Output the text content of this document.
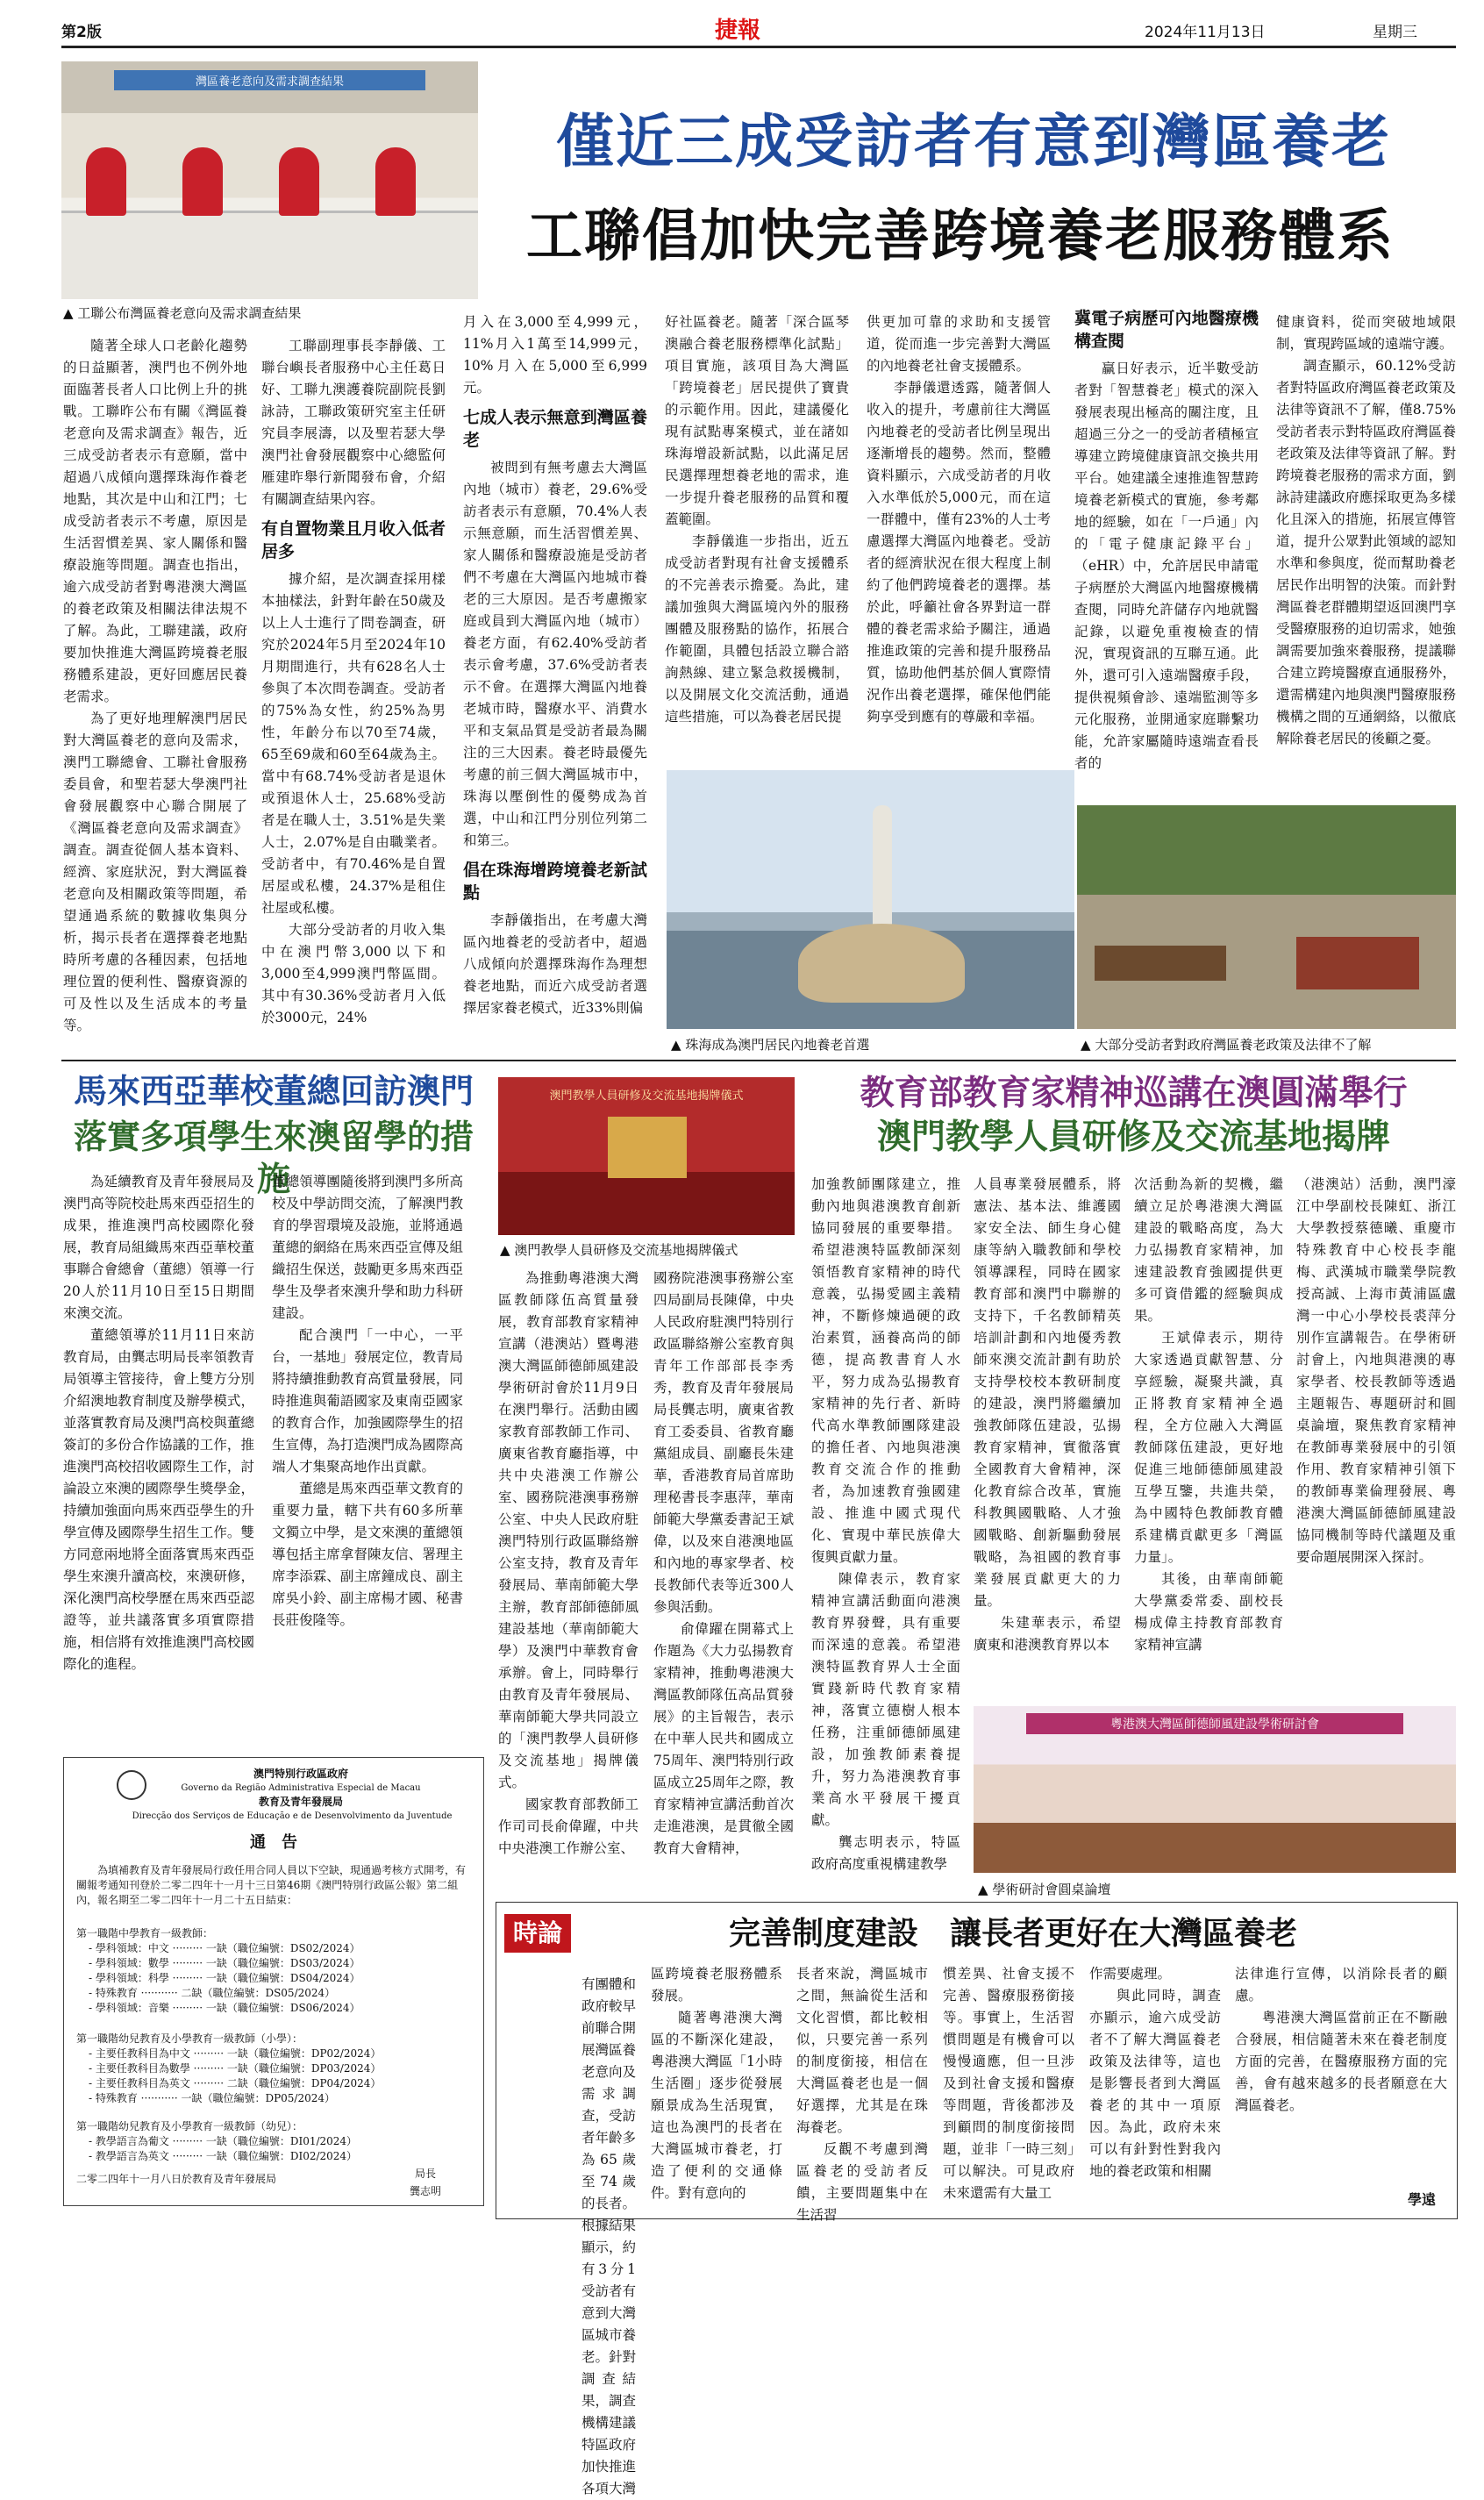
第2版	捷報	2024年11月13日	星期三
灣區養老意向及需求調查結果
▲ 工聯公布灣區養老意向及需求調查結果
僅近三成受訪者有意到灣區養老
工聯倡加快完善跨境養老服務體系

隨著全球人口老齡化趨勢的日益顯著，澳門也不例外地面臨著長者人口比例上升的挑戰。工聯昨公布有關《灣區養老意向及需求調查》報告，近三成受訪者表示有意願，當中超過八成傾向選擇珠海作養老地點，其次是中山和江門；七成受訪者表示不考慮，原因是生活習慣差異、家人關係和醫療設施等問題。調查也指出，逾六成受訪者對粵港澳大灣區的養老政策及相關法律法規不了解。為此，工聯建議，政府要加快推進大灣區跨境養老服務體系建設，更好回應居民養老需求。

為了更好地理解澳門居民對大灣區養老的意向及需求，澳門工聯總會、工聯社會服務委員會，和聖若瑟大學澳門社會發展觀察中心聯合開展了《灣區養老意向及需求調查》調查。調查從個人基本資料、經濟、家庭狀況，對大灣區養老意向及相關政策等問題，希望通過系統的數據收集與分析，揭示長者在選擇養老地點時所考慮的各種因素，包括地理位置的便利性、醫療資源的可及性以及生活成本的考量等。

工聯副理事長李靜儀、工聯台嶼長者服務中心主任葛日好、工聯九澳護養院副院長劉詠詩，工聯政策研究室主任研究員李展濤，以及聖若瑟大學澳門社會發展觀察中心總監何雁建昨舉行新聞發布會，介紹有關調查結果內容。

有自置物業且月收入低者居多

據介紹，是次調查採用樣本抽樣法，針對年齡在50歲及以上人士進行了問卷調查，研究於2024年5月至2024年10月期間進行，共有628名人士參與了本次問卷調查。受訪者的75%為女性，約25%為男性，年齡分布以70至74歲，65至69歲和60至64歲為主。當中有68.74%受訪者是退休或預退休人士，25.68%受訪者是在職人士，3.51%是失業人士，2.07%是自由職業者。受訪者中，有70.46%是自置居屋或私樓，24.37%是租住社屋或私樓。

大部分受訪者的月收入集中在澳門幣3,000以下和3,000至4,999澳門幣區間。其中有30.36%受訪者月入低於3000元，24%

月入在3,000至4,999元，11%月入1萬至14,999元，10%月入在5,000至6,999元。

七成人表示無意到灣區養老

被問到有無考慮去大灣區內地（城市）養老，29.6%受訪者表示有意願，70.4%人表示無意願，而生活習慣差異、家人關係和醫療設施是受訪者們不考慮在大灣區內地城市養老的三大原因。是否考慮搬家庭或員到大灣區內地（城市）養老方面，有62.40%受訪者表示會考慮，37.6%受訪者表示不會。在選擇大灣區內地養老城市時，醫療水平、消費水平和支氣品質是受訪者最為關注的三大因素。養老時最優先考慮的前三個大灣區城市中，珠海以壓倒性的優勢成為首選，中山和江門分別位列第二和第三。

倡在珠海增跨境養老新試點

李靜儀指出，在考慮大灣區內地養老的受訪者中，超過八成傾向於選擇珠海作為理想養老地點，而近六成受訪者選擇居家養老模式，近33%則偏

好社區養老。隨著「深合區琴澳融合養老服務標準化試點」項目實施，該項目為大灣區「跨境養老」居民提供了寶貴的示範作用。因此，建議優化現有試點專案模式，並在諸如珠海增設新試點，以此滿足居民選擇理想養老地的需求，進一步提升養老服務的品質和覆蓋範圍。

李靜儀進一步指出，近五成受訪者對現有社會支援體系的不完善表示擔憂。為此，建議加強與大灣區境內外的服務團體及服務點的協作，拓展合作範圍，具體包括設立聯合諮詢熱線、建立緊急救援機制，以及開展文化交流活動，通過這些措施，可以為養老居民提

供更加可靠的求助和支援管道，從而進一步完善對大灣區的內地養老社會支援體系。

李靜儀還透露，隨著個人收入的提升，考慮前往大灣區內地養老的受訪者比例呈現出逐漸增長的趨勢。然而，整體資料顯示，六成受訪者的月收入水準低於5,000元，而在這一群體中，僅有23%的人士考慮選擇大灣區內地養老。受訪者的經濟狀況在很大程度上制約了他們跨境養老的選擇。基於此，呼籲社會各界對這一群體的養老需求給予關注，通過推進政策的完善和提升服務品質，協助他們基於個人實際情況作出養老選擇，確保他們能夠享受到應有的尊嚴和幸福。

冀電子病歷可內地醫療機構查閱

贏日好表示，近半數受訪者對「智慧養老」模式的深入發展表現出極高的關注度，且超過三分之一的受訪者積極宣導建立跨境健康資訊交換共用平台。她建議全速推進智慧跨境養老新模式的實施，參考鄰地的經驗，如在「一戶通」內的「電子健康記錄平台」（eHR）中，允許居民申請電子病歷於大灣區內地醫療機構查閱，同時允許儲存內地就醫記錄，以避免重複檢查的情況，實現資訊的互聯互通。此外，還可引入遠端醫療手段，提供視頻會診、遠端監測等多元化服務，並開通家庭聯繫功能，允許家屬隨時遠端查看長者的

健康資料，從而突破地域限制，實現跨區域的遠端守護。

調查顯示，60.12%受訪者對特區政府灣區養老政策及法律等資訊不了解，僅8.75%受訪者表示對特區政府灣區養老政策及法律等資訊了解。對跨境養老服務的需求方面，劉詠詩建議政府應採取更為多樣化且深入的措施，拓展宣傳管道，提升公眾對此領域的認知水準和參與度，從而幫助養老居民作出明智的決策。而針對灣區養老群體期望返回澳門享受醫療服務的迫切需求，她強調需要加強來養服務，提議聯合建立跨境醫療直通服務外，還需構建內地與澳門醫療服務機構之間的互通網絡，以徹底解除養老居民的後顧之憂。

▲ 珠海成為澳門居民內地養老首選
▲	大部分受訪者對政府灣區養老政策及法律不了解
馬來西亞華校董總回訪澳門
落實多項學生來澳留學的措施

為延續教育及青年發展局及澳門高等院校赴馬來西亞招生的成果，推進澳門高校國際化發展，教育局組織馬來西亞華校董事聯合會總會（董總）領導一行20人於11月10日至15日期間來澳交流。

董總領導於11月11日來訪教育局，由龔志明局長率領教青局領導主管接待，會上雙方分別介紹澳地教育制度及辦學模式，並落實教育局及澳門高校與董總簽訂的多份合作協議的工作，推進澳門高校招收國際生工作，討論設立來澳的國際學生獎學金，持續加強面向馬來西亞學生的升學宣傳及國際學生招生工作。雙方同意兩地將全面落實馬來西亞學生來澳升讀高校，來澳研修，深化澳門高校學歷在馬來西亞認證等，並共議落實多項實際措施，相信將有效推進澳門高校國際化的進程。

董總領導團隨後將到澳門多所高校及中學訪問交流，了解澳門教育的學習環境及設施，並將通過董總的網絡在馬來西亞宣傳及組織招生保送，鼓勵更多馬來西亞學生及學者來澳升學和助力科研建設。

配合澳門「一中心，一平台，一基地」發展定位，教青局將持續推動教育高質量發展，同時推進與葡語國家及東南亞國家的教育合作，加強國際學生的招生宣傳，為打造澳門成為國際高端人才集聚高地作出貢獻。

董總是馬來西亞華文教育的重要力量，轄下共有60多所華文獨立中學，是文來澳的董總領導包括主席拿督陳友信、署理主席李添霖、副主席鐘成良、副主席吳小鈴、副主席楊才國、秘書長莊俊隆等。

澳門教學人員研修及交流基地揭牌儀式
▲ 澳門教學人員研修及交流基地揭牌儀式

為推動粵港澳大灣區教師隊伍高質量發展，教育部教育家精神宣講（港澳站）暨粵港澳大灣區師德師風建設學術研討會於11月9日在澳門舉行。活動由國家教育部教師工作司、廣東省教育廳指導，中共中央港澳工作辦公室、國務院港澳事務辦公室、中央人民政府駐澳門特別行政區聯絡辦公室支持，教育及青年發展局、華南師範大學主辦，教育部師德師風建設基地（華南師範大學）及澳門中華教育會承辦。會上，同時舉行由教育及青年發展局、華南師範大學共同設立的「澳門教學人員研修及交流基地」揭牌儀式。

國家教育部教師工作司司長俞偉躍，中共中央港澳工作辦公室、

國務院港澳事務辦公室四局副局長陳偉，中央人民政府駐澳門特別行政區聯絡辦公室教育與青年工作部部長李秀秀，教育及青年發展局局長龔志明，廣東省教育工委委員、省教育廳黨組成員、副廳長朱建華，香港教育局首席助理秘書長李惠萍，華南師範大學黨委書記王斌偉，以及來自港澳地區和內地的專家學者、校長教師代表等近300人參與活動。

俞偉躍在開幕式上作題為《大力弘揚教育家精神，推動粵港澳大灣區教師隊伍高品質發展》的主旨報告，表示在中華人民共和國成立75周年、澳門特別行政區成立25周年之際，教育家精神宣講活動首次走進港澳，是貫徹全國教育大會精神，

教育部教育家精神巡講在澳圓滿舉行
澳門教學人員研修及交流基地揭牌

加強教師團隊建立，推動內地與港澳教育創新協同發展的重要舉措。希望港澳特區教師深刻領悟教育家精神的時代意義，弘揚愛國主義精神，不斷修煉過硬的政治素質，涵養高尚的師德，提高教書育人水平，努力成為弘揚教育家精神的先行者、新時代高水準教師團隊建設的擔任者、內地與港澳教育交流合作的推動者，為加速教育強國建設、推進中國式現代化、實現中華民族偉大復興貢獻力量。

陳偉表示，教育家精神宣講活動面向港澳教育界發聲，具有重要而深遠的意義。希望港澳特區教育界人士全面實踐新時代教育家精神，落實立德樹人根本任務，注重師德師風建設，加強教師素養提升，努力為港澳教育事業高水平發展干擾貢獻。

龔志明表示，特區政府高度重視構建教學

人員專業發展體系，將憲法、基本法、維護國家安全法、師生身心健康等納入職教師和學校領導課程，同時在國家教育部和澳門中聯辦的支持下，千名教師精英培訓計劃和內地優秀教師來澳交流計劃有助於支持學校校本教研制度的建設，澳門將繼續加強教師隊伍建設，弘揚教育家精神，實徹落實全國教育大會精神，深化教育綜合改革，實施科教興國戰略、人才強國戰略、創新驅動發展戰略，為祖國的教育事業發展貢獻更大的力量。

朱建華表示，希望廣東和港澳教育界以本

次活動為新的契機，繼續立足於粵港澳大灣區建設的戰略高度，為大力弘揚教育家精神，加速建設教育強國提供更多可資借鑑的經驗與成果。

王斌偉表示，期待大家透過貢獻智慧、分享經驗，凝聚共識，真正將教育家精神全過程，全方位融入大灣區教師隊伍建設，更好地促進三地師德師風建設互學互鑒，共進共榮，為中國特色教師教育體系建構貢獻更多「灣區力量」。

其後，由華南師範大學黨委常委、副校長楊成偉主持教育部教育家精神宣講

（港澳站）活動，澳門濠江中學副校長陳虹、浙江大學教授蔡德曦、重慶市特殊教育中心校長李龍梅、武漢城市職業學院教授高誠、上海市黃浦區盧灣一中心小學校長裘萍分別作宣講報告。在學術研討會上，內地與港澳的專家學者、校長教師等透過主題報告、專題研討和圓桌論壇，聚焦教育家精神在教師專業發展中的引領作用、教育家精神引領下的教師專業倫理發展、粵港澳大灣區師德師風建設協同機制等時代議題及重要命題展開深入探討。

粵港澳大灣區師德師風建設學術研討會
▲ 學術研討會圓桌論壇
澳門特別行政區政府
Governo da Região Administrativa Especial de Macau
教育及青年發展局
Direcção dos Serviços de Educação e de Desenvolvimento da Juventude
通　告
為填補教育及青年發展局行政任用合同人員以下空缺，現通過考核方式開考，有關報考通知刊登於二零二四年十一月十三日第46期《澳門特別行政區公報》第二組內，報名期至二零二四年十一月二十五日結束：
第一職階中學教育一級教師：
- 學科領域：中文 ········· 一缺（職位編號：DS02/2024）
- 學科領域：數學 ········· 一缺（職位編號：DS03/2024）
- 學科領域：科學 ········· 一缺（職位編號：DS04/2024）
- 特殊教育 ··········· 二缺（職位編號：DS05/2024）
- 學科領域：音樂 ········· 一缺（職位編號：DS06/2024）
第一職階幼兒教育及小學教育一級教師（小學）：
- 主要任教科目為中文 ········· 一缺（職位編號：DP02/2024）
- 主要任教科目為數學 ········· 一缺（職位編號：DP03/2024）
- 主要任教科目為英文 ········· 二缺（職位編號：DP04/2024）
- 特殊教育 ··········· 一缺（職位編號：DP05/2024）
第一職階幼兒教育及小學教育一級教師（幼兒）：
- 教學語言為葡文 ········· 一缺（職位編號：DI01/2024）
- 教學語言為英文 ········· 一缺（職位編號：DI02/2024）
二零二四年十一月八日於教育及青年發展局	局長
龔志明
時論	完善制度建設　讓長者更好在大灣區養老

有團體和政府較早前聯合開展灣區養老意向及需求調查，受訪者年齡多為65歲至74歲的長者。根據結果顯示，約有3分1受訪者有意到大灣區城市養老。針對調查結果，調查機構建議特區政府加快推進各項大灣

區跨境養老服務體系發展。

隨著粵港澳大灣區的不斷深化建設，粵港澳大灣區「1小時生活圈」逐步從發展願景成為生活現實，這也為澳門的長者在大灣區城市養老，打造了便利的交通條件。對有意向的

長者來說，灣區城市之間，無論從生活和文化習慣，都比較相似，只要完善一系列的制度銜接，相信在大灣區養老也是一個好選擇，尤其是在珠海養老。

反觀不考慮到灣區養老的受訪者反饋，主要問題集中在生活習

慣差異、社會支援不完善、醫療服務銜接等。事實上，生活習慣問題是有機會可以慢慢適應，但一旦涉及到社會支援和醫療等問題，背後都涉及到顧問的制度銜接問題，並非「一時三刻」可以解決。可見政府未來還需有大量工

作需要處理。

與此同時，調查亦顯示，逾六成受訪者不了解大灣區養老政策及法律等，這也是影響長者到大灣區養老的其中一項原因。為此，政府未來可以有針對性對我內地的養老政策和相關

法律進行宣傳，以消除長者的顧慮。

粵港澳大灣區當前正在不斷融合發展，相信隨著未來在養老制度方面的完善，在醫療服務方面的完善，會有越來越多的長者願意在大灣區養老。

學遠
